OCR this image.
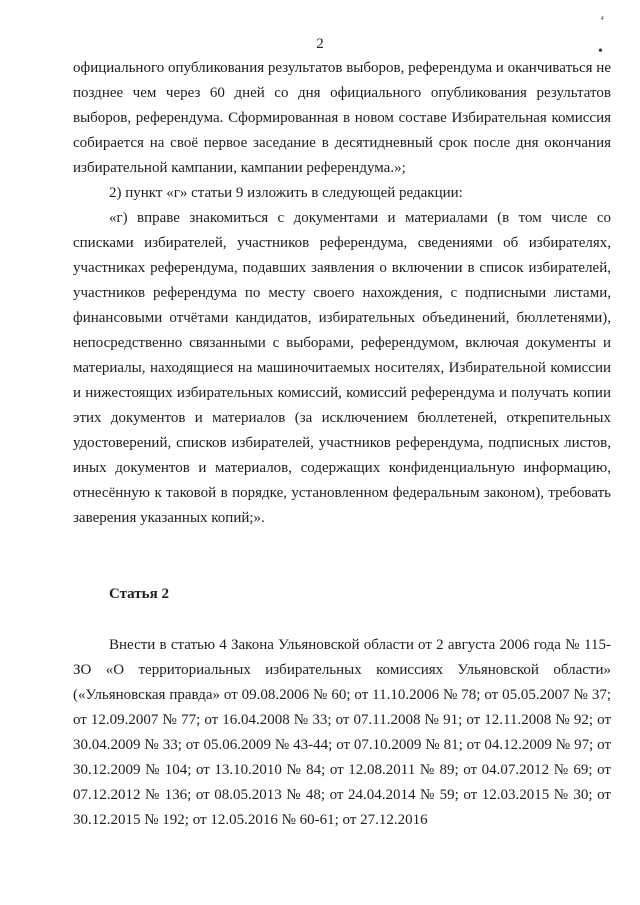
2
‘
•

официального опубликования результатов выборов, референдума и оканчиваться не позднее чем через 60 дней со дня официального опубликования результатов выборов, референдума. Сформированная в новом составе Избирательная комиссия собирается на своё первое заседание в десятидневный срок после дня окончания избирательной кампании, кампании референдума.»;

2) пункт «г» статьи 9 изложить в следующей редакции:

«г) вправе знакомиться с документами и материалами (в том числе со списками избирателей, участников референдума, сведениями об избирателях, участниках референдума, подавших заявления о включении в список избирателей, участников референдума по месту своего нахождения, с подписными листами, финансовыми отчётами кандидатов, избирательных объединений, бюллетенями), непосредственно связанными с выборами, референдумом, включая документы и материалы, находящиеся на машиночитаемых носителях, Избирательной комиссии и нижестоящих избирательных комиссий, комиссий референдума и получать копии этих документов и материалов (за исключением бюллетеней, открепительных удостоверений, списков избирателей, участников референдума, подписных листов, иных документов и материалов, содержащих конфиденциальную информацию, отнесённую к таковой в порядке, установленном федеральным законом), требовать заверения указанных копий;».

Статья 2

Внести в статью 4 Закона Ульяновской области от 2 августа 2006 года № 115-ЗО «О территориальных избирательных комиссиях Ульяновской области» («Ульяновская правда» от 09.08.2006 № 60; от 11.10.2006 № 78; от 05.05.2007 № 37; от 12.09.2007 № 77; от 16.04.2008 № 33; от 07.11.2008 № 91; от 12.11.2008 № 92; от 30.04.2009 № 33; от 05.06.2009 № 43-44; от 07.10.2009 № 81; от 04.12.2009 № 97; от 30.12.2009 № 104; от 13.10.2010 № 84; от 12.08.2011 № 89; от 04.07.2012 № 69; от 07.12.2012 № 136; от 08.05.2013 № 48; от 24.04.2014 № 59; от 12.03.2015 № 30; от 30.12.2015 № 192; от 12.05.2016 № 60-61; от 27.12.2016
